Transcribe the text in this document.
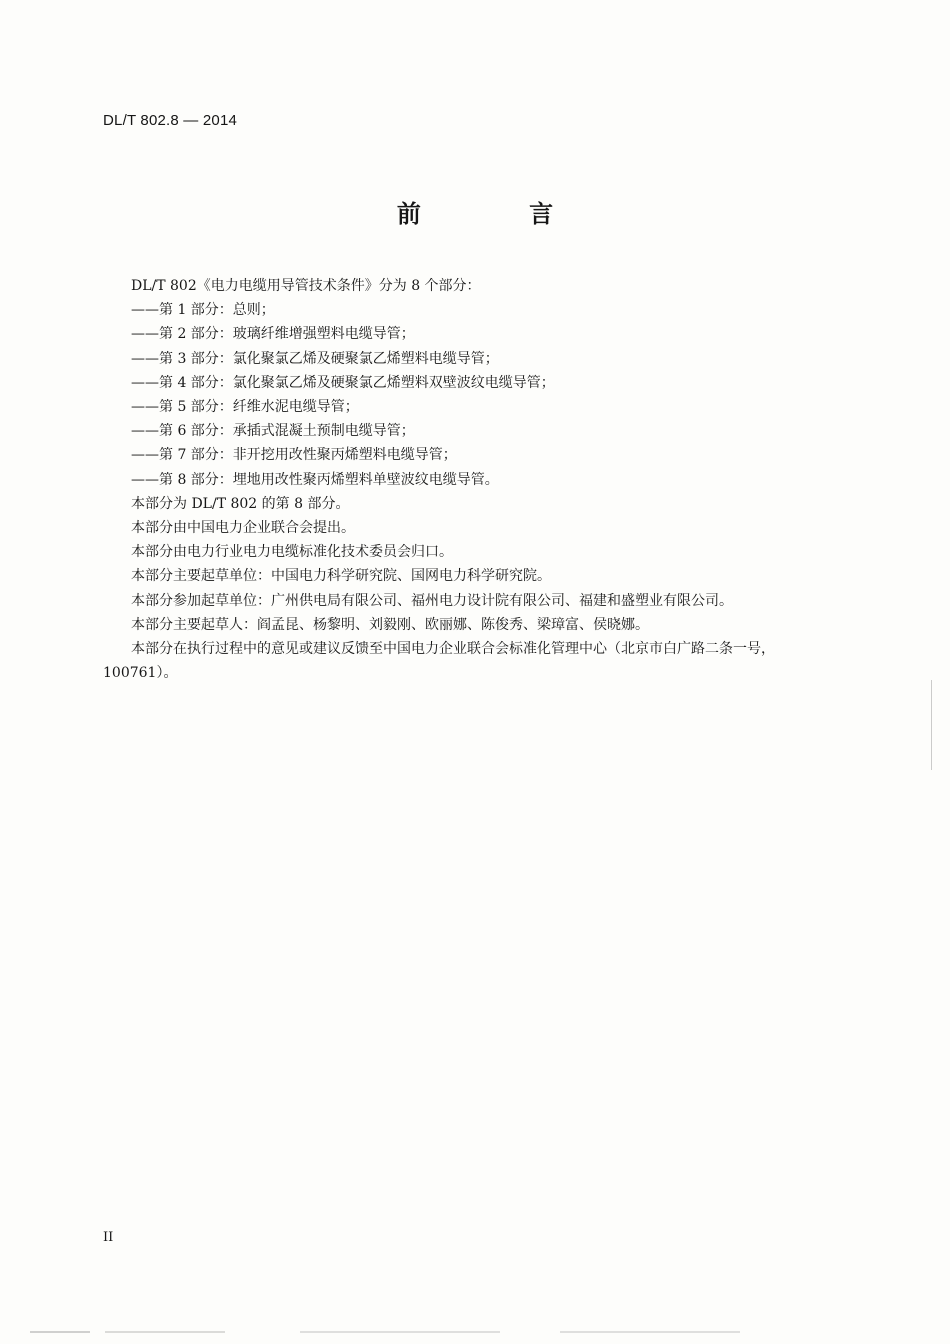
DL/T 802.8 — 2014
前 言
DL/T 802《电力电缆用导管技术条件》分为 8 个部分：
——第 1 部分：总则；
——第 2 部分：玻璃纤维增强塑料电缆导管；
——第 3 部分：氯化聚氯乙烯及硬聚氯乙烯塑料电缆导管；
——第 4 部分：氯化聚氯乙烯及硬聚氯乙烯塑料双壁波纹电缆导管；
——第 5 部分：纤维水泥电缆导管；
——第 6 部分：承插式混凝土预制电缆导管；
——第 7 部分：非开挖用改性聚丙烯塑料电缆导管；
——第 8 部分：埋地用改性聚丙烯塑料单壁波纹电缆导管。
本部分为 DL/T 802 的第 8 部分。
本部分由中国电力企业联合会提出。
本部分由电力行业电力电缆标准化技术委员会归口。
本部分主要起草单位：中国电力科学研究院、国网电力科学研究院。
本部分参加起草单位：广州供电局有限公司、福州电力设计院有限公司、福建和盛塑业有限公司。
本部分主要起草人：阎孟昆、杨黎明、刘毅刚、欧丽娜、陈俊秀、梁璋富、侯晓娜。
本部分在执行过程中的意见或建议反馈至中国电力企业联合会标准化管理中心（北京市白广路二条一号，100761）。
II
